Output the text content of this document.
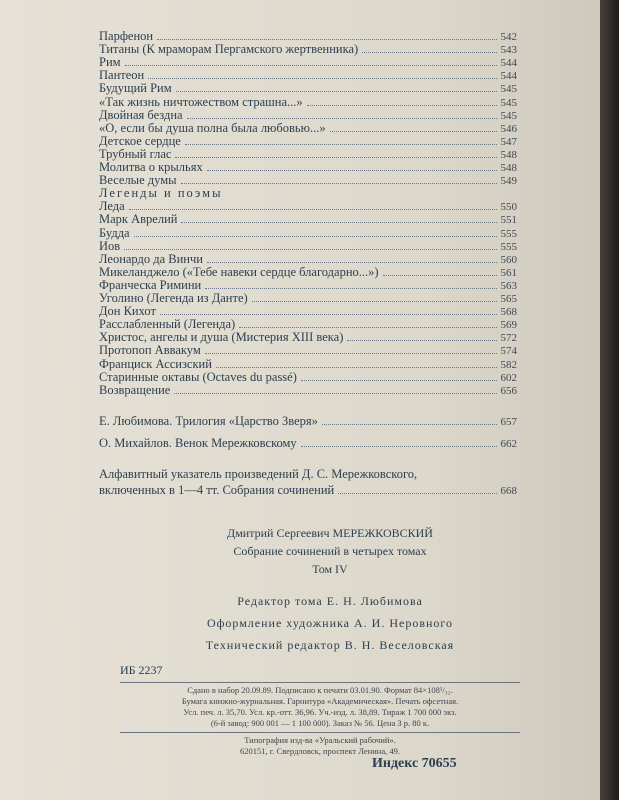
Парфенон	542
Титаны (К мраморам Пергамского жертвенника)	543
Рим	544
Пантеон	544
Будущий Рим	545
«Так жизнь ничтожеством страшна...»	545
Двойная бездна	545
«О, если бы душа полна была любовью...»	546
Детское сердце	547
Трубный глас	548
Молитва о крыльях	548
Веселые думы	549
Легенды и поэмы
Леда	550
Марк Аврелий	551
Будда	555
Иов	555
Леонардо да Винчи	560
Микеланджело («Тебе навеки сердце благодарно...»)	561
Франческа Римини	563
Уголино (Легенда из Данте)	565
Дон Кихот	568
Расслабленный (Легенда)	569
Христос, ангелы и душа (Мистерия XIII века)	572
Протопоп Аввакум	574
Франциск Ассизский	582
Старинные октавы (Octaves du passé)	602
Возвращение	656
Е. Любимова. Трилогия «Царство Зверя»	657
О. Михайлов. Венок Мережковскому	662
Алфавитный указатель произведений Д. С. Мережковского,
включенных в 1—4 тт. Собрания сочинений	668
Дмитрий Сергеевич МЕРЕЖКОВСКИЙ
Собрание сочинений в четырех томах
Том IV
Редактор тома Е. Н. Любимова
Оформление художника А. И. Неровного
Технический редактор В. Н. Веселовская
ИБ 2237
Сдано в набор 20.09.89. Подписано к печати 03.01.90. Формат 84×108¹/₃₂.
Бумага книжно-журнальная. Гарнитура «Академическая». Печать офсетная.
Усл. печ. л. 35,70. Усл. кр.-отт. 36,96. Уч.-изд. л. 38,89. Тираж 1 700 000 экз.
(6-й завод: 900 001 — 1 100 000). Заказ № 56. Цена 3 р. 80 к.
Типография изд-ва «Уральский рабочий».
620151, г. Свердловск, проспект Ленина, 49.
Индекс 70655
